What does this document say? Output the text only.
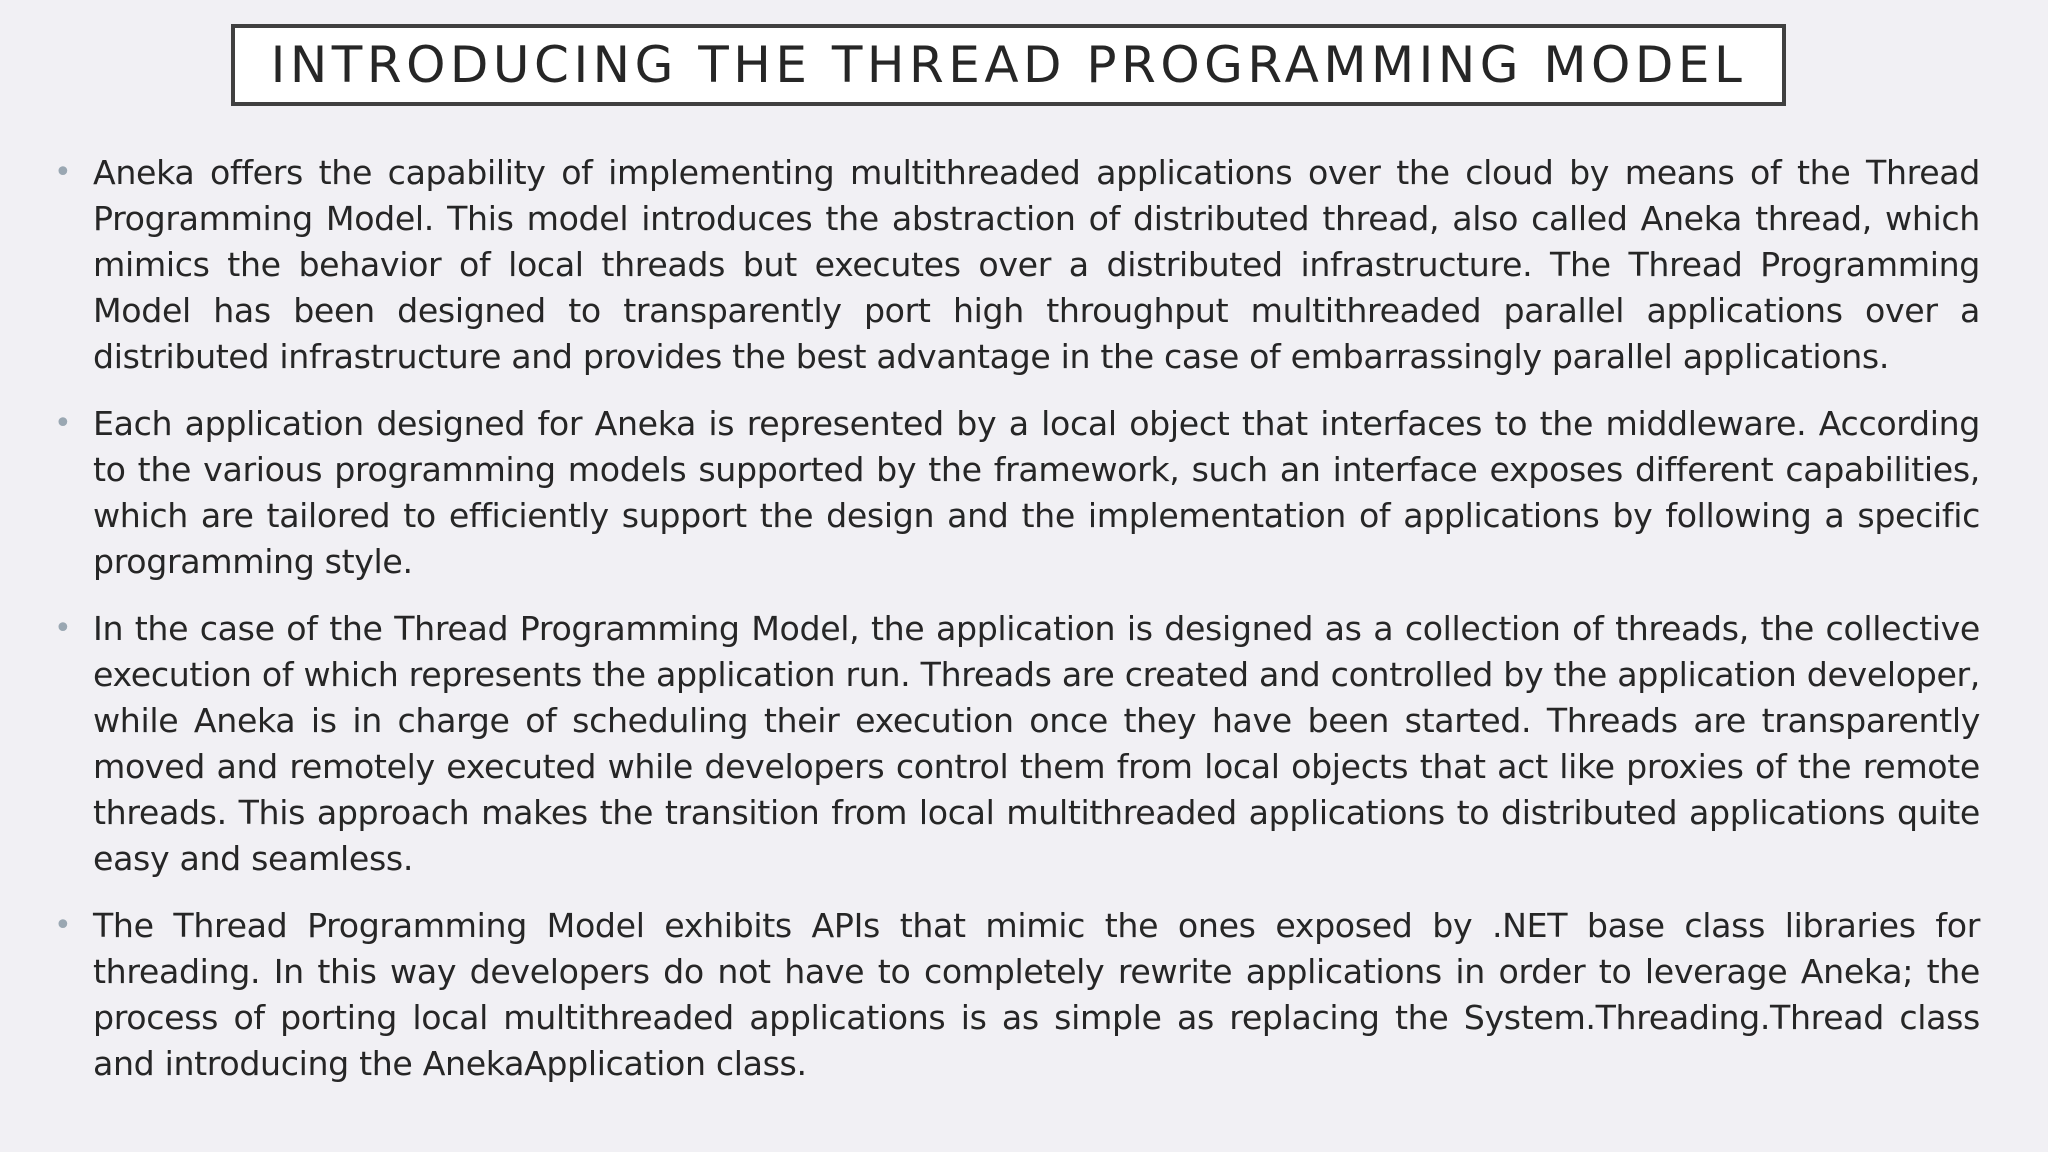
INTRODUCING THE THREAD PROGRAMMING MODEL
• Aneka offers the capability of implementing multithreaded applications over the cloud by means of the Thread Programming Model. This model introduces the abstraction of distributed thread, also called Aneka thread, which mimics the behavior of local threads but executes over a distributed infrastructure. The Thread Programming Model has been designed to transparently port high throughput multithreaded parallel applications over a distributed infrastructure and provides the best advantage in the case of embarrassingly parallel applications.
• Each application designed for Aneka is represented by a local object that interfaces to the middleware. According to the various programming models supported by the framework, such an interface exposes different capabilities, which are tailored to efficiently support the design and the implementation of applications by following a specific programming style.
• In the case of the Thread Programming Model, the application is designed as a collection of threads, the collective execution of which represents the application run. Threads are created and controlled by the application developer, while Aneka is in charge of scheduling their execution once they have been started. Threads are transparently moved and remotely executed while developers control them from local objects that act like proxies of the remote threads. This approach makes the transition from local multithreaded applications to distributed applications quite easy and seamless.
• The Thread Programming Model exhibits APIs that mimic the ones exposed by .NET base class libraries for threading. In this way developers do not have to completely rewrite applications in order to leverage Aneka; the process of porting local multithreaded applications is as simple as replacing the System.Threading.Thread class and introducing the AnekaApplication class.
